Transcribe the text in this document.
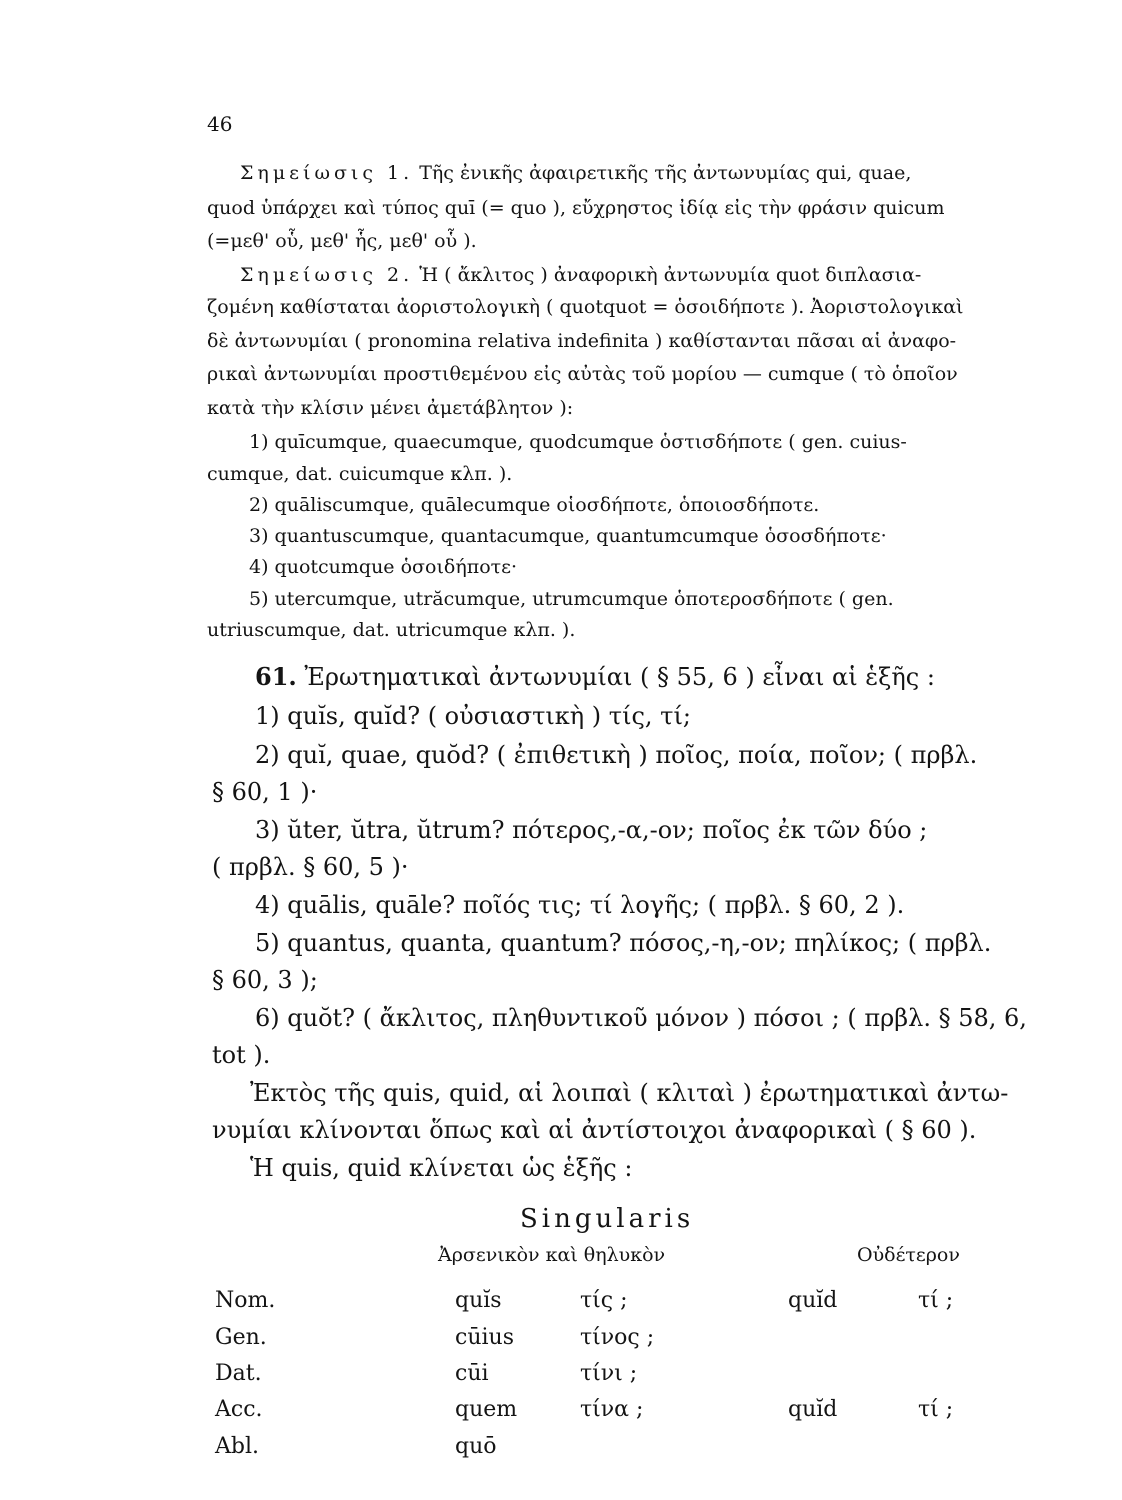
46
Σημείωσις 1. Τῆς ἐνικῆς ἀφαιρετικῆς τῆς ἀντωνυμίας qui, quae,
quod ὑπάρχει καὶ τύπος quī (= quo ), εὔχρηστος ἰδίᾳ εἰς τὴν φράσιν quicum
(=μεθ' οὗ, μεθ' ἧς, μεθ' οὗ ).
Σημείωσις 2. Ἡ ( ἄκλιτος ) ἀναφορικὴ ἀντωνυμία quot διπλασια-
ζομένη καθίσταται ἀοριστολογικὴ ( quotquot = ὁσοιδήποτε ). Ἀοριστολογικαὶ
δὲ ἀντωνυμίαι ( pronomina relativa indefinita ) καθίστανται πᾶσαι αἱ ἀναφο-
ρικαὶ ἀντωνυμίαι προστιθεμένου εἰς αὐτὰς τοῦ μορίου — cumque ( τὸ ὁποῖον
κατὰ τὴν κλίσιν μένει ἀμετάβλητον ):
1) quīcumque, quaecumque, quodcumque ὁστισδήποτε ( gen. cuius-
cumque, dat. cuicumque κλπ. ).
2) quāliscumque, quālecumque οἱοσδήποτε, ὁποιοσδήποτε.
3) quantuscumque, quantacumque, quantumcumque ὁσοσδήποτε·
4) quotcumque ὁσοιδήποτε·
5) utercumque, utrăcumque, utrumcumque ὁποτεροσδήποτε ( gen.
utriuscumque, dat. utricumque κλπ. ).
61. Ἐρωτηματικαὶ ἀντωνυμίαι ( § 55, 6 ) εἶναι αἱ ἑξῆς :
1) quĭs, quĭd? ( οὐσιαστικὴ ) τίς, τί;
2) quĭ, quae, quŏd? ( ἐπιθετικὴ ) ποῖος, ποία, ποῖον; ( πρβλ.
§ 60, 1 )·
3) ŭter, ŭtra, ŭtrum? πότερος,-α,-ον; ποῖος ἐκ τῶν δύο ;
( πρβλ. § 60, 5 )·
4) quālis, quāle? ποῖός τις; τί λογῆς; ( πρβλ. § 60, 2 ).
5) quantus, quanta, quantum? πόσος,-η,-ον; πηλίκος; ( πρβλ.
§ 60, 3 );
6) quŏt? ( ἄκλιτος, πληθυντικοῦ μόνον ) πόσοι ; ( πρβλ. § 58, 6,
tot ).
Ἐκτὸς τῆς quis, quid, αἱ λοιπαὶ ( κλιταὶ ) ἐρωτηματικαὶ ἀντω-
νυμίαι κλίνονται ὅπως καὶ αἱ ἀντίστοιχοι ἀναφορικαὶ ( § 60 ).
Ἡ quis, quid κλίνεται ὡς ἑξῆς :
Singularis
Ἀρσενικὸν καὶ θηλυκὸν	Οὐδέτερον
Nom.	quĭs	τίς ;	quĭd	τί ;
Gen.	cūius	τίνος ;
Dat.	cūi	τίνι ;
Acc.	quem	τίνα ;	quĭd	τί ;
Abl.	quō
